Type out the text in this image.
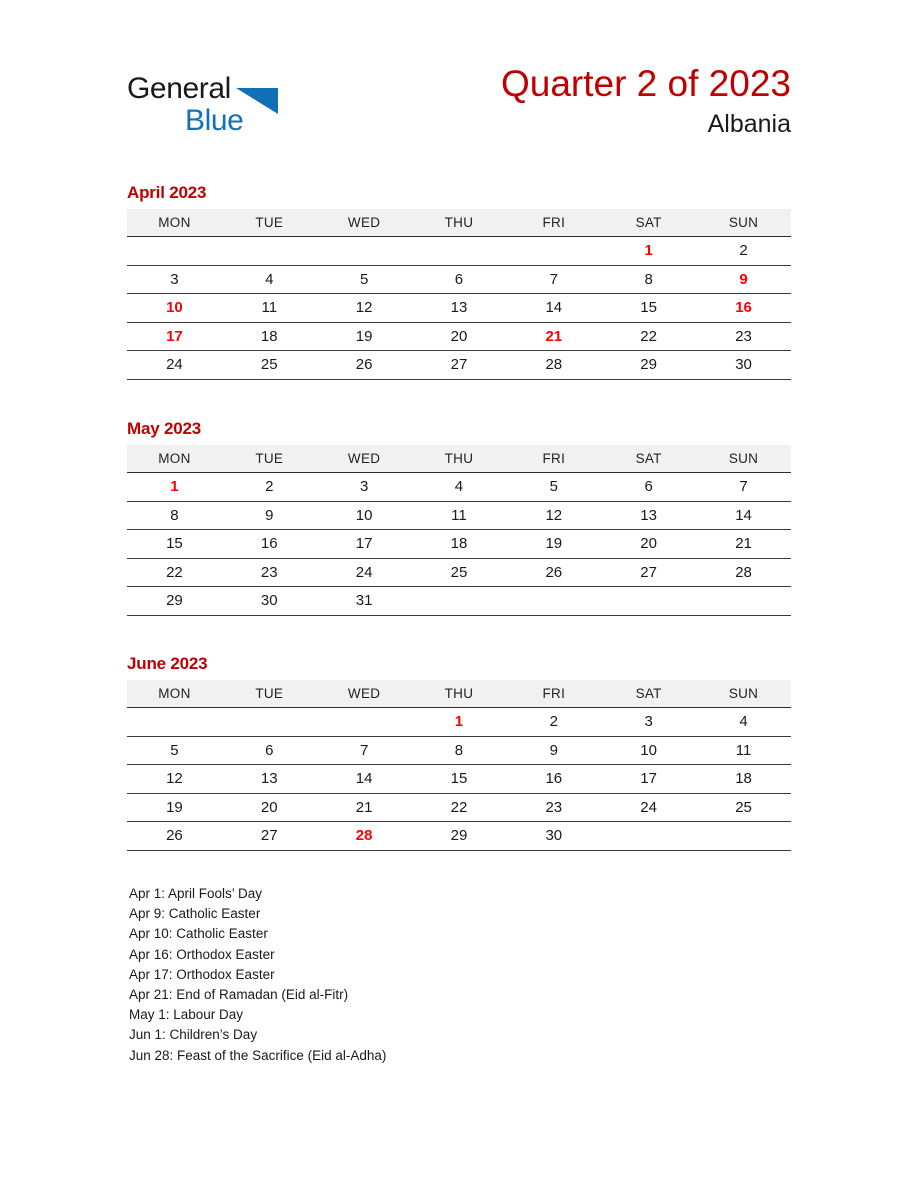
General
Blue
Quarter 2 of 2023
Albania
April 2023
MON	TUE	WED	THU	FRI	SAT	SUN
					1	2
3	4	5	6	7	8	9
10	11	12	13	14	15	16
17	18	19	20	21	22	23
24	25	26	27	28	29	30
May 2023
MON	TUE	WED	THU	FRI	SAT	SUN
1	2	3	4	5	6	7
8	9	10	11	12	13	14
15	16	17	18	19	20	21
22	23	24	25	26	27	28
29	30	31				
June 2023
MON	TUE	WED	THU	FRI	SAT	SUN
			1	2	3	4
5	6	7	8	9	10	11
12	13	14	15	16	17	18
19	20	21	22	23	24	25
26	27	28	29	30		
Apr 1: April Fools’ Day
Apr 9: Catholic Easter
Apr 10: Catholic Easter
Apr 16: Orthodox Easter
Apr 17: Orthodox Easter
Apr 21: End of Ramadan (Eid al-Fitr)
May 1: Labour Day
Jun 1: Children’s Day
Jun 28: Feast of the Sacrifice (Eid al-Adha)
